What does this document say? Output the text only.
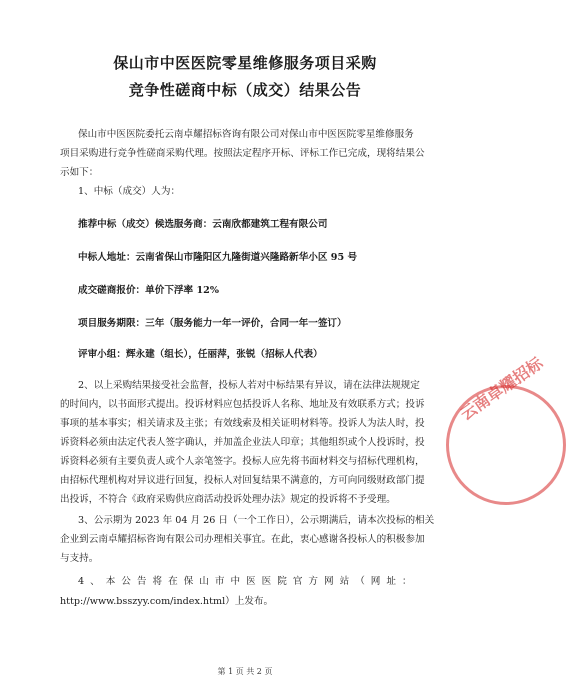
保山市中医医院零星维修服务项目采购
竞争性磋商中标（成交）结果公告
保山市中医医院委托云南卓耀招标咨询有限公司对保山市中医医院零星维修服务
项目采购进行竞争性磋商采购代理。按照法定程序开标、评标工作已完成，现将结果公
示如下：
1、中标（成交）人为：
推荐中标（成交）候选服务商：云南欣都建筑工程有限公司
中标人地址：云南省保山市隆阳区九隆街道兴隆路新华小区 95 号
成交磋商报价：单价下浮率 12%
项目服务期限：三年（服务能力一年一评价，合同一年一签订）
评审小组：辉永建（组长），任丽萍，张锐（招标人代表）
2、以上采购结果接受社会监督，投标人若对中标结果有异议，请在法律法规规定
的时间内，以书面形式提出。投诉材料应包括投诉人名称、地址及有效联系方式；投诉
事项的基本事实；相关请求及主张；有效线索及相关证明材料等。投诉人为法人时，投
诉资料必须由法定代表人签字确认，并加盖企业法人印章；其他组织或个人投诉时，投
诉资料必须有主要负责人或个人亲笔签字。投标人应先将书面材料交与招标代理机构，
由招标代理机构对异议进行回复，投标人对回复结果不满意的，方可向同级财政部门提
出投诉，不符合《政府采购供应商活动投诉处理办法》规定的投诉将不予受理。
3、公示期为 2023 年 04 月 26 日（一个工作日），公示期满后，请本次投标的相关
企业到云南卓耀招标咨询有限公司办理相关事宜。在此，衷心感谢各投标人的积极参加
与支持。
4、本公告将在保山市中医医院官方网站（网址：
http://www.bsszyy.com/index.html）上发布。
云南卓耀招标
第 1 页 共 2 页
